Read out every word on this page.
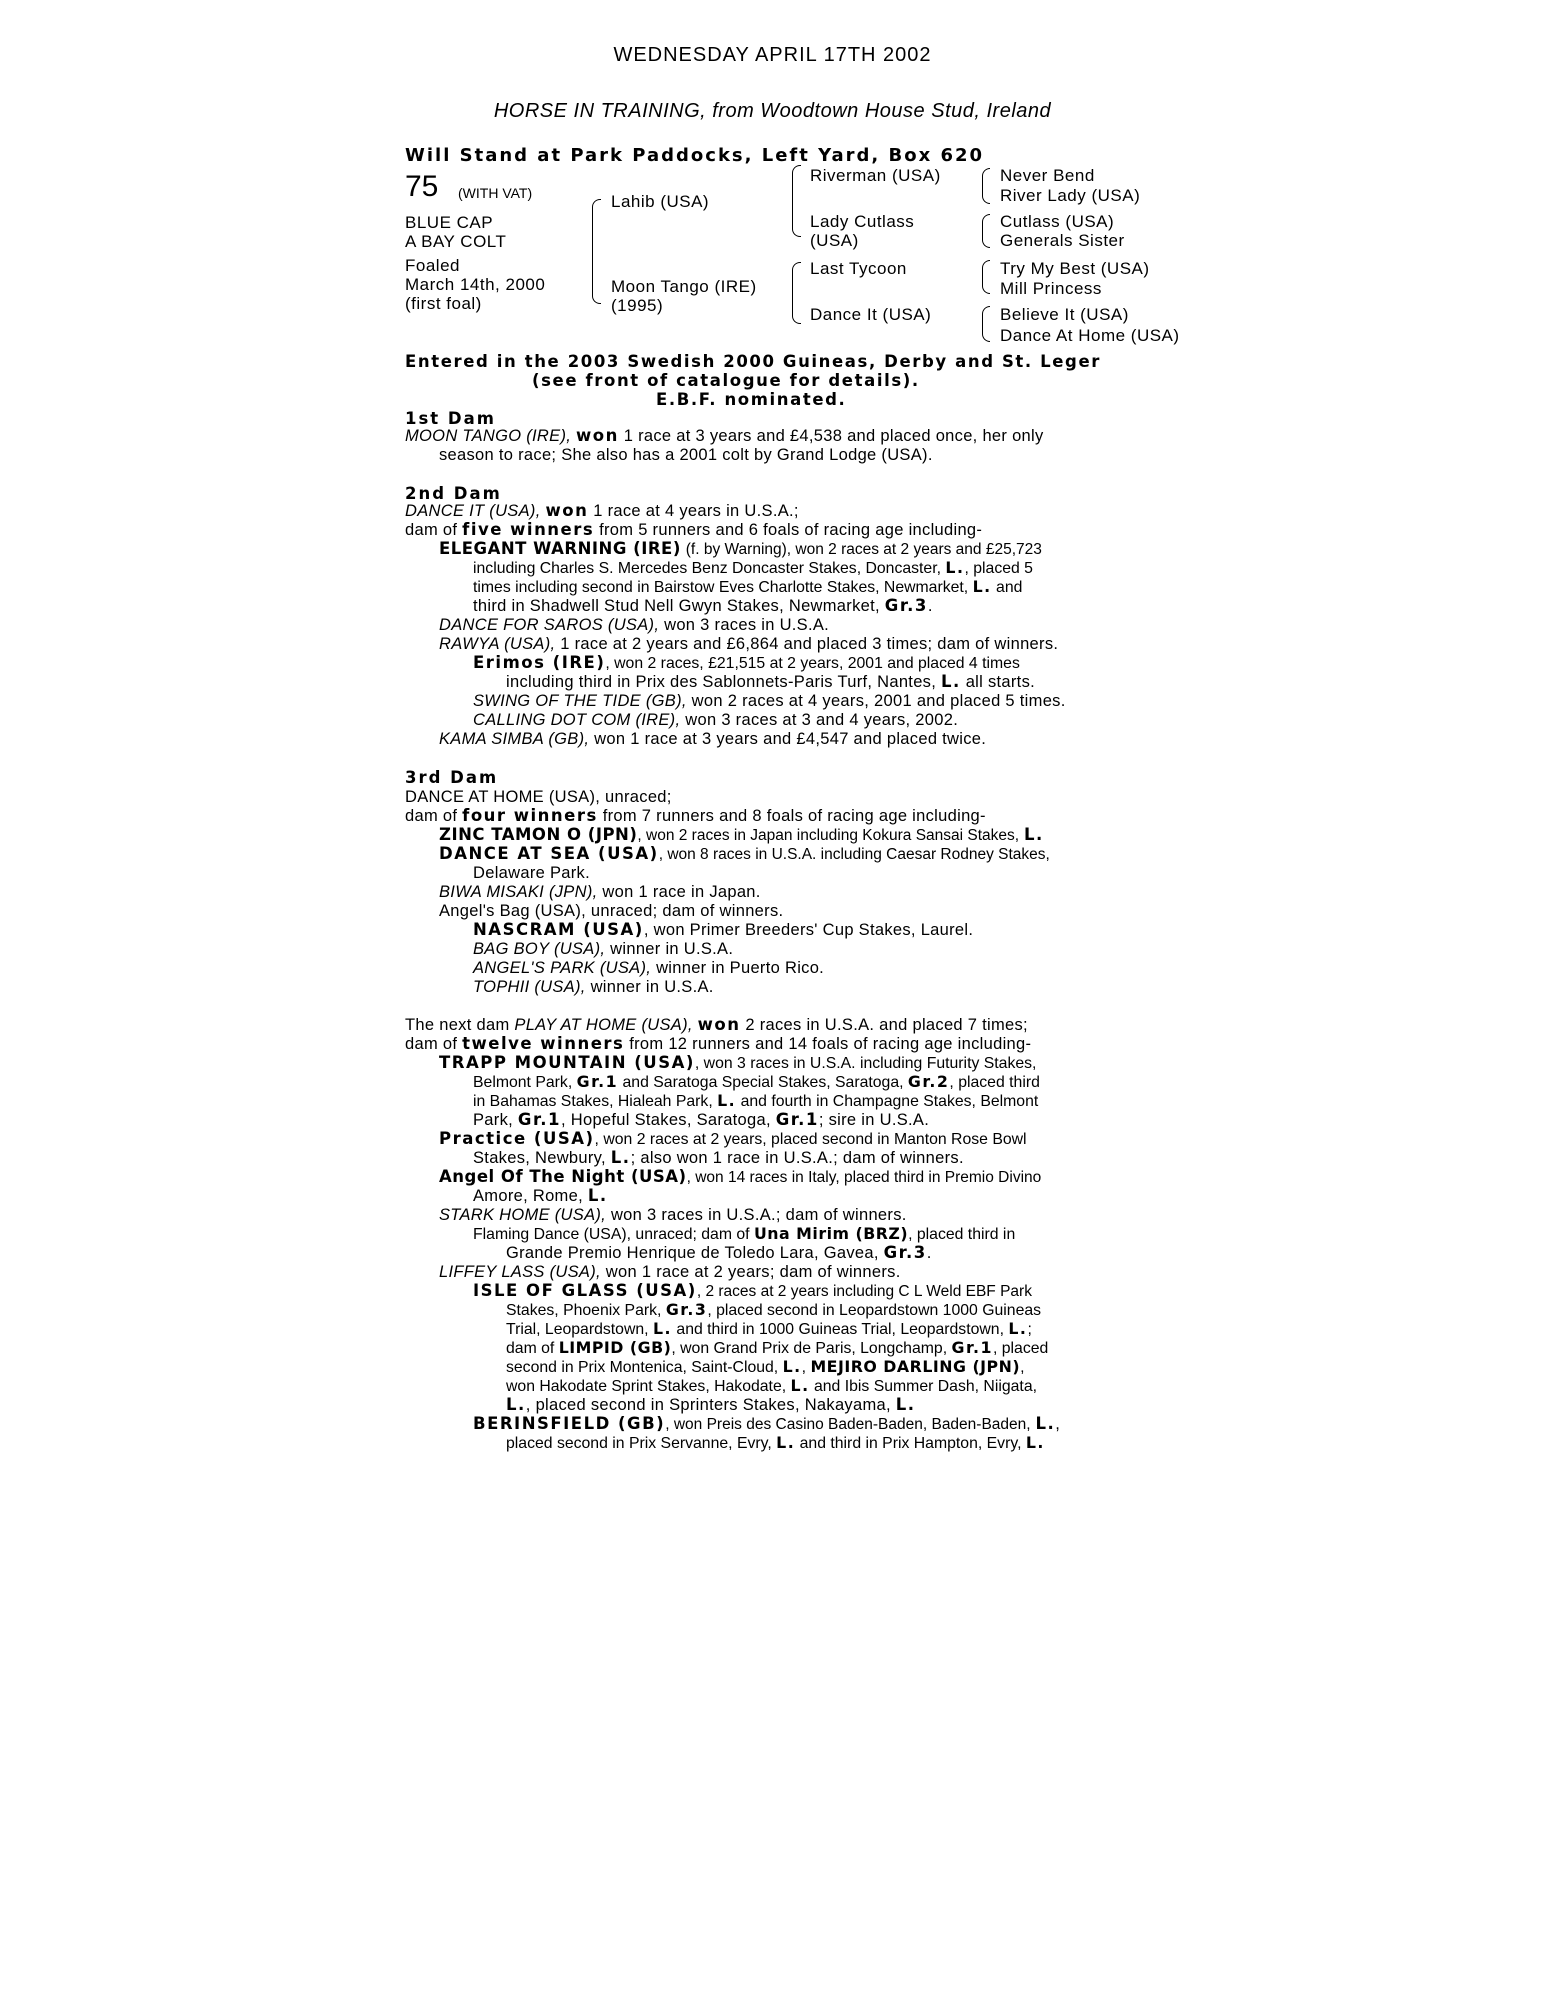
WEDNESDAY APRIL 17TH 2002
HORSE IN TRAINING, from Woodtown House Stud, Ireland
Will Stand at Park Paddocks, Left Yard, Box 620
75 (WITH VAT)
BLUE CAP
A BAY COLT
Foaled
March 14th, 2000
(first foal)
Lahib (USA)
Moon Tango (IRE)
(1995)
Riverman (USA)
Lady Cutlass
(USA)
Last Tycoon
Dance It (USA)
Never Bend
River Lady (USA)
Cutlass (USA)
Generals Sister
Try My Best (USA)
Mill Princess
Believe It (USA)
Dance At Home (USA)
Entered in the 2003 Swedish 2000 Guineas, Derby and St. Leger
(see front of catalogue for details).
E.B.F. nominated.
1st Dam
MOON TANGO (IRE), won 1 race at 3 years and £4,538 and placed once, her only
season to race; She also has a 2001 colt by Grand Lodge (USA).
2nd Dam
DANCE IT (USA), won 1 race at 4 years in U.S.A.;
dam of five winners from 5 runners and 6 foals of racing age including-
ELEGANT WARNING (IRE) (f. by Warning), won 2 races at 2 years and £25,723
including Charles S. Mercedes Benz Doncaster Stakes, Doncaster, L., placed 5
times including second in Bairstow Eves Charlotte Stakes, Newmarket, L. and
third in Shadwell Stud Nell Gwyn Stakes, Newmarket, Gr.3.
DANCE FOR SAROS (USA), won 3 races in U.S.A.
RAWYA (USA), 1 race at 2 years and £6,864 and placed 3 times; dam of winners.
Erimos (IRE), won 2 races, £21,515 at 2 years, 2001 and placed 4 times
including third in Prix des Sablonnets-Paris Turf, Nantes, L. all starts.
SWING OF THE TIDE (GB), won 2 races at 4 years, 2001 and placed 5 times.
CALLING DOT COM (IRE), won 3 races at 3 and 4 years, 2002.
KAMA SIMBA (GB), won 1 race at 3 years and £4,547 and placed twice.
3rd Dam
DANCE AT HOME (USA), unraced;
dam of four winners from 7 runners and 8 foals of racing age including-
ZINC TAMON O (JPN), won 2 races in Japan including Kokura Sansai Stakes, L.
DANCE AT SEA (USA), won 8 races in U.S.A. including Caesar Rodney Stakes,
Delaware Park.
BIWA MISAKI (JPN), won 1 race in Japan.
Angel's Bag (USA), unraced; dam of winners.
NASCRAM (USA), won Primer Breeders' Cup Stakes, Laurel.
BAG BOY (USA), winner in U.S.A.
ANGEL'S PARK (USA), winner in Puerto Rico.
TOPHII (USA), winner in U.S.A.
The next dam PLAY AT HOME (USA), won 2 races in U.S.A. and placed 7 times;
dam of twelve winners from 12 runners and 14 foals of racing age including-
TRAPP MOUNTAIN (USA), won 3 races in U.S.A. including Futurity Stakes,
Belmont Park, Gr.1 and Saratoga Special Stakes, Saratoga, Gr.2, placed third
in Bahamas Stakes, Hialeah Park, L. and fourth in Champagne Stakes, Belmont
Park, Gr.1, Hopeful Stakes, Saratoga, Gr.1; sire in U.S.A.
Practice (USA), won 2 races at 2 years, placed second in Manton Rose Bowl
Stakes, Newbury, L.; also won 1 race in U.S.A.; dam of winners.
Angel Of The Night (USA), won 14 races in Italy, placed third in Premio Divino
Amore, Rome, L.
STARK HOME (USA), won 3 races in U.S.A.; dam of winners.
Flaming Dance (USA), unraced; dam of Una Mirim (BRZ), placed third in
Grande Premio Henrique de Toledo Lara, Gavea, Gr.3.
LIFFEY LASS (USA), won 1 race at 2 years; dam of winners.
ISLE OF GLASS (USA), 2 races at 2 years including C L Weld EBF Park
Stakes, Phoenix Park, Gr.3, placed second in Leopardstown 1000 Guineas
Trial, Leopardstown, L. and third in 1000 Guineas Trial, Leopardstown, L.;
dam of LIMPID (GB), won Grand Prix de Paris, Longchamp, Gr.1, placed
second in Prix Montenica, Saint-Cloud, L., MEJIRO DARLING (JPN),
won Hakodate Sprint Stakes, Hakodate, L. and Ibis Summer Dash, Niigata,
L., placed second in Sprinters Stakes, Nakayama, L.
BERINSFIELD (GB), won Preis des Casino Baden-Baden, Baden-Baden, L.,
placed second in Prix Servanne, Evry, L. and third in Prix Hampton, Evry, L.
